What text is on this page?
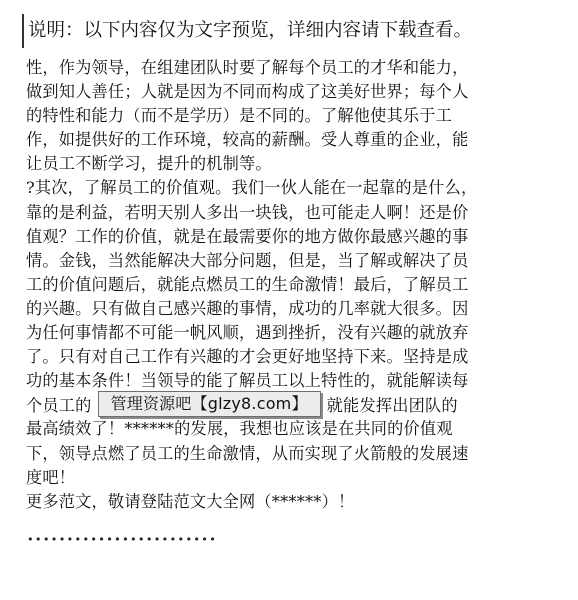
说明：以下内容仅为文字预览，详细内容请下载查看。
性，作为领导，在组建团队时要了解每个员工的才华和能力，
做到知人善任；人就是因为不同而构成了这美好世界；每个人
的特性和能力（而不是学历）是不同的。了解他使其乐于工
作，如提供好的工作环境，较高的薪酬。受人尊重的企业，能
让员工不断学习，提升的机制等。
?其次，了解员工的价值观。我们一伙人能在一起靠的是什么，
靠的是利益，若明天别人多出一块钱，也可能走人啊！还是价
值观？工作的价值，就是在最需要你的地方做你最感兴趣的事
情。金钱，当然能解决大部分问题，但是，当了解或解决了员
工的价值问题后，就能点燃员工的生命激情！最后，了解员工
的兴趣。只有做自己感兴趣的事情，成功的几率就大很多。因
为任何事情都不可能一帆风顺，遇到挫折，没有兴趣的就放弃
了。只有对自己工作有兴趣的才会更好地坚持下来。坚持是成
功的基本条件！当领导的能了解员工以上特性的，就能解读每
个员工的 管理资源吧【glzy8.com】 就能发挥出团队的
最高绩效了！******的发展，我想也应该是在共同的价值观
下，领导点燃了员工的生命激情，从而实现了火箭般的发展速
度吧！
更多范文，敬请登陆范文大全网（******）！
••••••••••••••••••••••••
